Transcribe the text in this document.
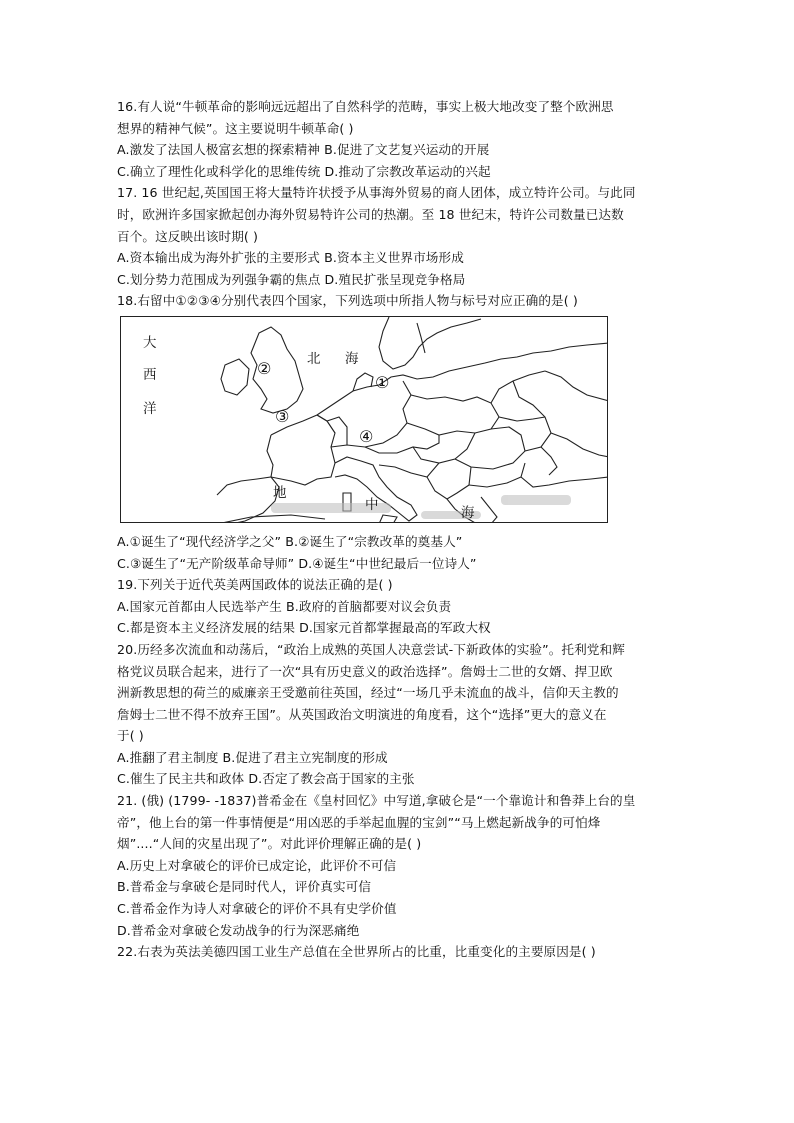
16.有人说“牛顿革命的影响远远超出了自然科学的范畴，事实上极大地改变了整个欧洲思
想界的精神气候”。这主要说明牛顿革命( )
A.激发了法国人极富玄想的探索精神 B.促进了文艺复兴运动的开展
C.确立了理性化或科学化的思维传统 D.推动了宗教改革运动的兴起
17. 16 世纪起,英国国王将大量特许状授予从事海外贸易的商人团体，成立特许公司。与此同
时，欧洲许多国家掀起创办海外贸易特许公司的热潮。至 18 世纪末，特许公司数量已达数
百个。这反映出该时期( )
A.资本输出成为海外扩张的主要形式 B.资本主义世界市场形成
C.划分势力范围成为列强争霸的焦点 D.殖民扩张呈现竞争格局
18.右留中①②③④分别代表四个国家，下列选项中所指人物与标号对应正确的是( )
大
西
洋
北 海
地
中	海
①
②
③
④
A.①诞生了“现代经济学之父” B.②诞生了“宗教改革的奠基人”
C.③诞生了“无产阶级革命导师” D.④诞生“中世纪最后一位诗人”
19.下列关于近代英美两国政体的说法正确的是( )
A.国家元首都由人民选举产生 B.政府的首脑都要对议会负责
C.都是资本主义经济发展的结果 D.国家元首都掌握最高的军政大权
20.历经多次流血和动荡后，“政治上成熟的英国人决意尝试-下新政体的实验”。托利党和辉
格党议员联合起来，进行了一次“具有历史意义的政治选择”。詹姆士二世的女婿、捍卫欧
洲新教思想的荷兰的威廉亲王受邀前往英国，经过“一场几乎未流血的战斗，信仰天主教的
詹姆士二世不得不放弃王国”。从英国政治文明演进的角度看，这个“选择”更大的意义在
于( )
A.推翻了君主制度 B.促进了君主立宪制度的形成
C.催生了民主共和政体 D.否定了教会高于国家的主张
21. (俄) (1799- -1837)普希金在《皇村回忆》中写道,拿破仑是“一个靠诡计和鲁莽上台的皇
帝”，他上台的第一件事情便是“用凶恶的手举起血腥的宝剑”“马上燃起新战争的可怕烽
烟”....“人间的灾星出现了”。对此评价理解正确的是( )
A.历史上对拿破仑的评价已成定论，此评价不可信
B.普希金与拿破仑是同时代人，评价真实可信
C.普希金作为诗人对拿破仑的评价不具有史学价值
D.普希金对拿破仑发动战争的行为深恶痛绝
22.右表为英法美德四国工业生产总值在全世界所占的比重，比重变化的主要原因是( )
